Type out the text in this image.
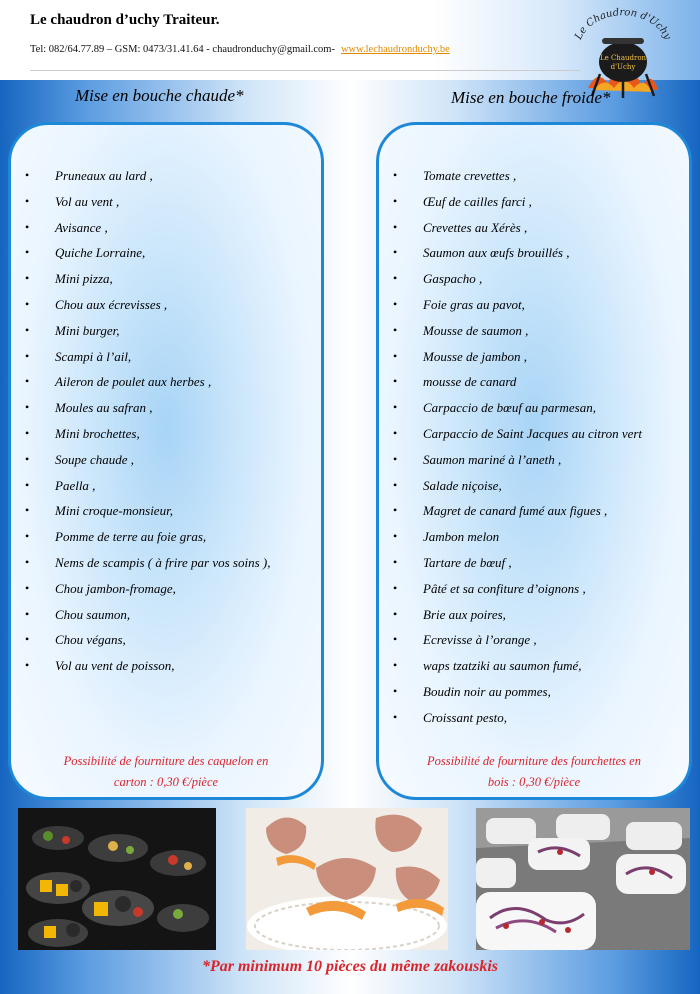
Le chaudron d’uchy Traiteur.
Tel: 082/64.77.89 – GSM: 0473/31.41.64 - chaudronduchy@gmail.com- www.lechaudronduchy.be
Le Chaudron d'Uchy
Le Chaudron
d'Uchy
Mise en bouche chaude*	Mise en bouche froide*
• Pruneaux au lard ,
• Vol au vent ,
• Avisance ,
• Quiche Lorraine,
• Mini pizza,
• Chou aux écrevisses ,
• Mini burger,
• Scampi à l’ail,
• Aileron de poulet aux herbes ,
• Moules au safran ,
• Mini brochettes,
• Soupe chaude ,
• Paella ,
• Mini croque-monsieur,
• Pomme de terre au foie gras,
• Nems de scampis ( à frire par vos soins ),
• Chou jambon-fromage,
• Chou saumon,
• Chou végans,
• Vol au vent de poisson,
Possibilité de fourniture des caquelon en
carton : 0,30 €/pièce
• Tomate crevettes ,
• Œuf de cailles farci ,
• Crevettes au Xérès ,
• Saumon aux œufs brouillés ,
• Gaspacho ,
• Foie gras au pavot,
• Mousse de saumon ,
• Mousse de jambon ,
• mousse de canard
• Carpaccio de bœuf au parmesan,
• Carpaccio de Saint Jacques au citron vert
• Saumon mariné à l’aneth ,
• Salade niçoise,
• Magret de canard fumé aux figues ,
• Jambon melon
• Tartare de bœuf ,
• Pâté et sa confiture d’oignons ,
• Brie aux poires,
• Ecrevisse à l’orange ,
• waps tzatziki au saumon fumé,
• Boudin noir au pommes,
• Croissant pesto,
Possibilité de fourniture des fourchettes en
bois : 0,30 €/pièce
*Par minimum 10 pièces du même zakouskis
